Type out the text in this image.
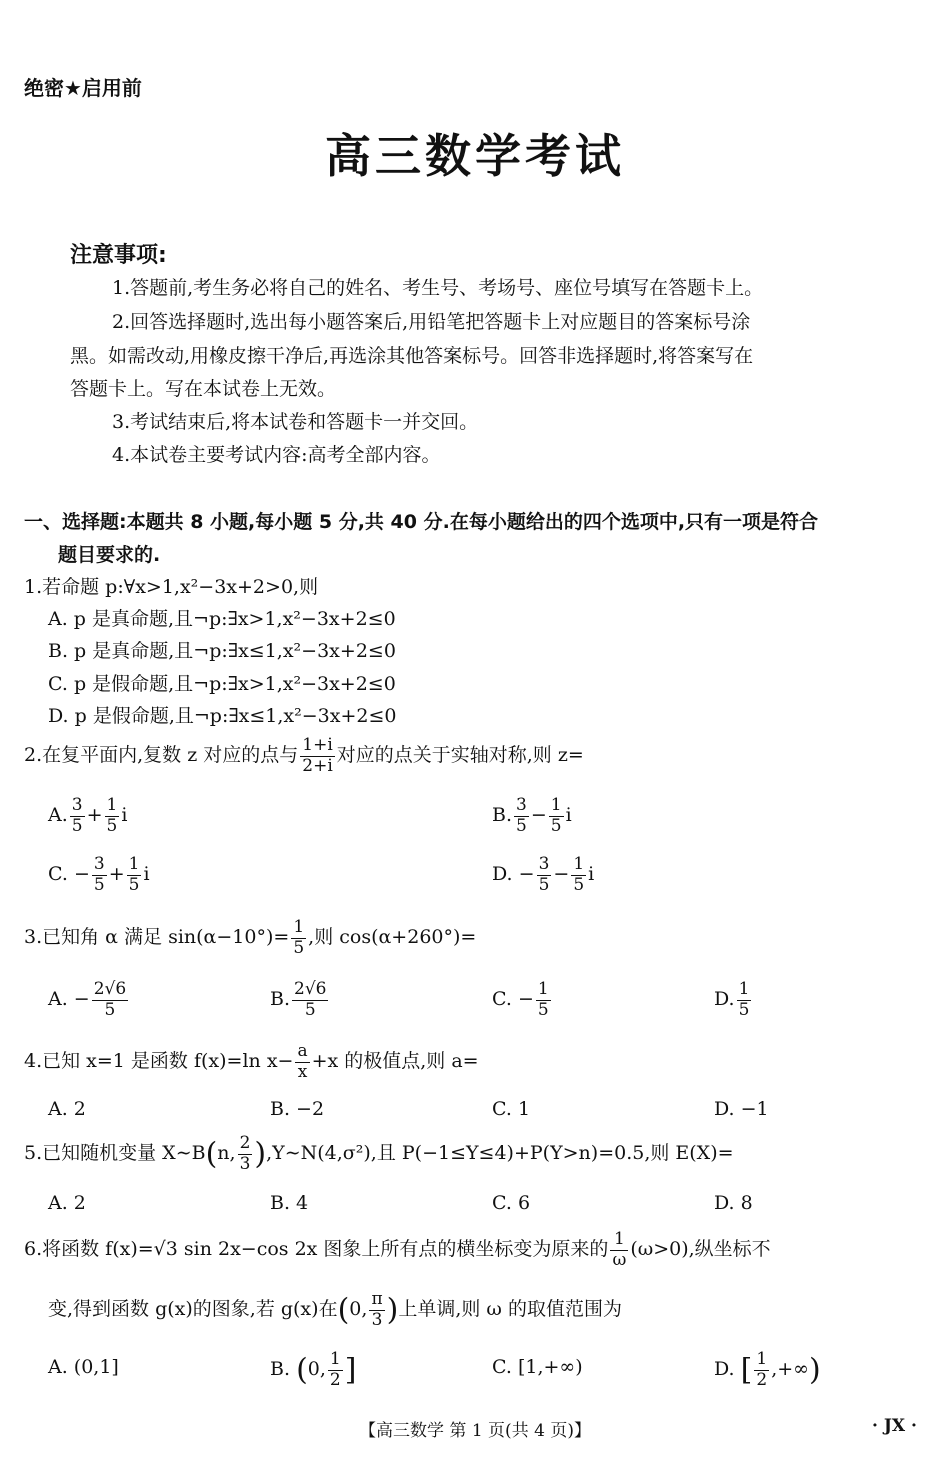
绝密★启用前
高三数学考试
注意事项:
1.答题前,考生务必将自己的姓名、考生号、考场号、座位号填写在答题卡上。
2.回答选择题时,选出每小题答案后,用铅笔把答题卡上对应题目的答案标号涂
黑。如需改动,用橡皮擦干净后,再选涂其他答案标号。回答非选择题时,将答案写在
答题卡上。写在本试卷上无效。
3.考试结束后,将本试卷和答题卡一并交回。
4.本试卷主要考试内容:高考全部内容。
一、选择题:本题共 8 小题,每小题 5 分,共 40 分.在每小题给出的四个选项中,只有一项是符合
题目要求的.
1.若命题 p:∀x>1,x²−3x+2>0,则
A. p 是真命题,且¬p:∃x>1,x²−3x+2≤0
B. p 是真命题,且¬p:∃x≤1,x²−3x+2≤0
C. p 是假命题,且¬p:∃x>1,x²−3x+2≤0
D. p 是假命题,且¬p:∃x≤1,x²−3x+2≤0
2.在复平面内,复数 z 对应的点与 $\frac{1+i}{2+i}$ 对应的点关于实轴对称,则 z=
A. $\frac{3}{5} + \frac{1}{5}$ i	B. $\frac{3}{5} - \frac{1}{5}$ i
C. − $\frac{3}{5} + \frac{1}{5}$ i	D. − $\frac{3}{5} - \frac{1}{5}$ i
3.已知角 α 满足 $\sin(\alpha-10^\circ)= \frac{1}{5}$ ,则 cos(α+260°)=
A. − $\frac{2√6}{5}$	B. $\frac{2√6}{5}$	C. − $\frac{1}{5}$	D. $\frac{1}{5}$
4.已知 x=1 是函数 f(x)=ln $x- \frac{a}{x} +x$ 的极值点,则 a=
A. 2	B. −2	C. 1	D. −1
5.已知随机变量 X∼B(n, $\frac{2}{3}$ ),Y∼N(4,σ²),且 P(−1≤Y≤4)+P(Y>n)=0.5,则 E(X)=
A. 2	B. 4	C. 6	D. 8
6.将函数 f(x)=√3 sin 2x−cos 2x 图象上所有点的横坐标变为原来的 $\frac{1}{\omega} (\omega>0)$,纵坐标不
变,得到函数 g(x)的图象,若 g(x)在(0, $\frac{\pi}{3}$ )上单调,则 ω 的取值范围为
A. (0,1]	B. (0, $\frac{1}{2}$ ]	C. [1,+∞)	D. [ $\frac{1}{2}$ ,+∞)
【高三数学 第 1 页(共 4 页)】	· JX ·
